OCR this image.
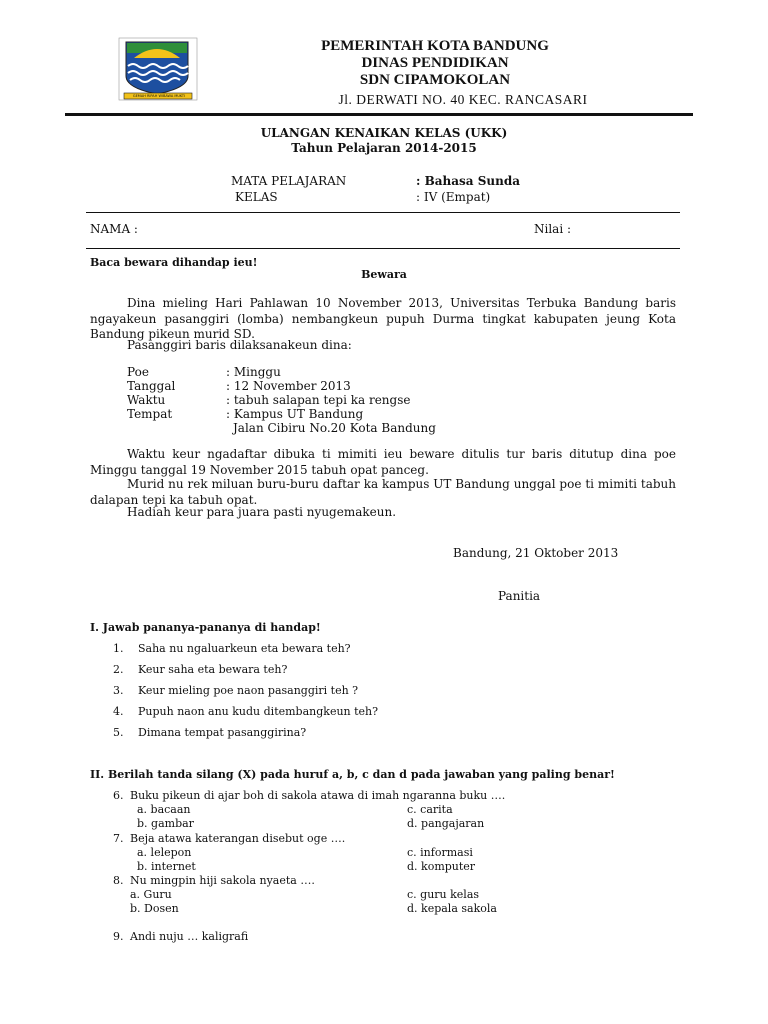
GEMAH RIPAH WIBAWA MUKTI
PEMERINTAH KOTA BANDUNG
DINAS PENDIDIKAN
SDN CIPAMOKOLAN
Jl. DERWATI NO. 40 KEC. RANCASARI
ULANGAN KENAIKAN KELAS (UKK)
Tahun Pelajaran 2014-2015
MATA PELAJARAN	: Bahasa Sunda
KELAS	: IV (Empat)
NAMA :	Nilai :
Baca bewara dihandap ieu!
Bewara
Dina mieling Hari Pahlawan 10 November 2013, Universitas Terbuka Bandung baris ngayakeun pasanggiri (lomba) nembangkeun pupuh Durma tingkat kabupaten jeung Kota Bandung pikeun murid SD.
Pasanggiri baris dilaksanakeun dina:
Poe	: Minggu
Tanggal	: 12 November 2013
Waktu	: tabuh salapan tepi ka rengse
Tempat	: Kampus UT Bandung
Jalan Cibiru No.20 Kota Bandung
Waktu keur ngadaftar dibuka ti mimiti ieu beware ditulis tur baris ditutup dina poe Minggu tanggal 19 November 2015 tabuh opat panceg.
Murid nu rek miluan buru-buru daftar ka kampus UT Bandung unggal poe ti mimiti tabuh dalapan tepi ka tabuh opat.
Hadiah keur para juara pasti nyugemakeun.
Bandung, 21 Oktober 2013
Panitia
I. Jawab pananya-pananya di handap!
1. Saha nu ngaluarkeun eta bewara teh?
2. Keur saha eta bewara teh?
3. Keur mieling poe naon pasanggiri teh ?
4. Pupuh naon anu kudu ditembangkeun teh?
5. Dimana tempat pasanggirina?
II. Berilah tanda silang (X) pada huruf a, b, c dan d pada jawaban yang paling benar!
6. Buku pikeun di ajar boh di sakola atawa di imah ngaranna buku ….
a. bacaan	c. carita
b. gambar	d. pangajaran
7. Beja atawa katerangan disebut oge ….
a. lelepon	c. informasi
b. internet	d. komputer
8. Nu mingpin hiji sakola nyaeta ….
a. Guru	c. guru kelas
b. Dosen	d. kepala sakola
9. Andi nuju … kaligrafi
